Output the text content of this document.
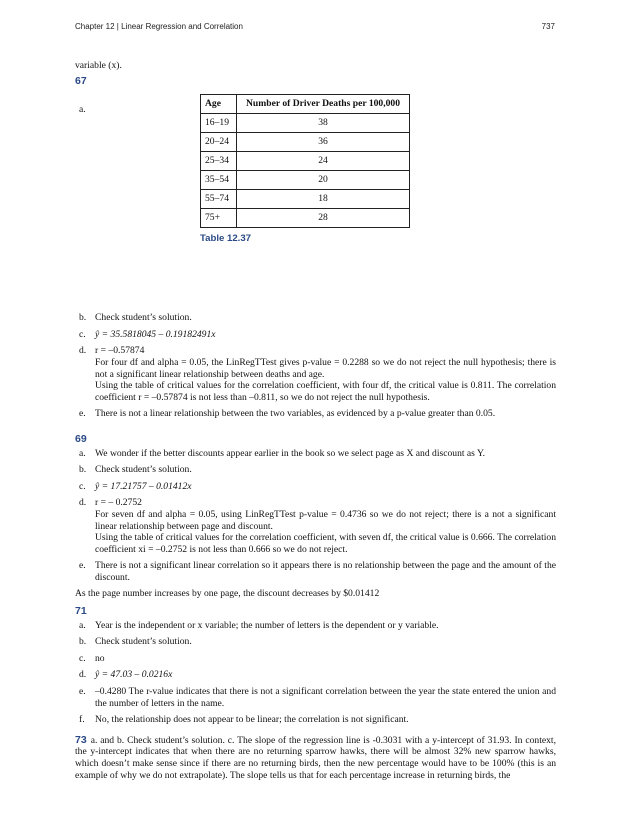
Chapter 12 | Linear Regression and Correlation	737
variable (x).
67
a.
Age	Number of Driver Deaths per 100,000
16–19	38
20–24	36
25–34	24
35–54	20
55–74	18
75+	28
Table 12.37
b. Check student’s solution.
c. ŷ = 35.5818045 – 0.19182491x
d. r = –0.57874
For four df and alpha = 0.05, the LinRegTTest gives p-value = 0.2288 so we do not reject the null hypothesis; there is not a significant linear relationship between deaths and age.
Using the table of critical values for the correlation coefficient, with four df, the critical value is 0.811. The correlation coefficient r = –0.57874 is not less than –0.811, so we do not reject the null hypothesis.
e. There is not a linear relationship between the two variables, as evidenced by a p-value greater than 0.05.
69
a. We wonder if the better discounts appear earlier in the book so we select page as X and discount as Y.
b. Check student’s solution.
c. ŷ = 17.21757 – 0.01412x
d. r = – 0.2752
For seven df and alpha = 0.05, using LinRegTTest p-value = 0.4736 so we do not reject; there is a not a significant linear relationship between page and discount.
Using the table of critical values for the correlation coefficient, with seven df, the critical value is 0.666. The correlation coefficient xi = –0.2752 is not less than 0.666 so we do not reject.
e. There is not a significant linear correlation so it appears there is no relationship between the page and the amount of the discount.
As the page number increases by one page, the discount decreases by $0.01412
71
a. Year is the independent or x variable; the number of letters is the dependent or y variable.
b. Check student’s solution.
c. no
d. ŷ = 47.03 – 0.0216x
e. –0.4280 The r-value indicates that there is not a significant correlation between the year the state entered the union and the number of letters in the name.
f. No, the relationship does not appear to be linear; the correlation is not significant.
73 a. and b. Check student’s solution. c. The slope of the regression line is -0.3031 with a y-intercept of 31.93. In context, the y-intercept indicates that when there are no returning sparrow hawks, there will be almost 32% new sparrow hawks, which doesn’t make sense since if there are no returning birds, then the new percentage would have to be 100% (this is an example of why we do not extrapolate). The slope tells us that for each percentage increase in returning birds, the
